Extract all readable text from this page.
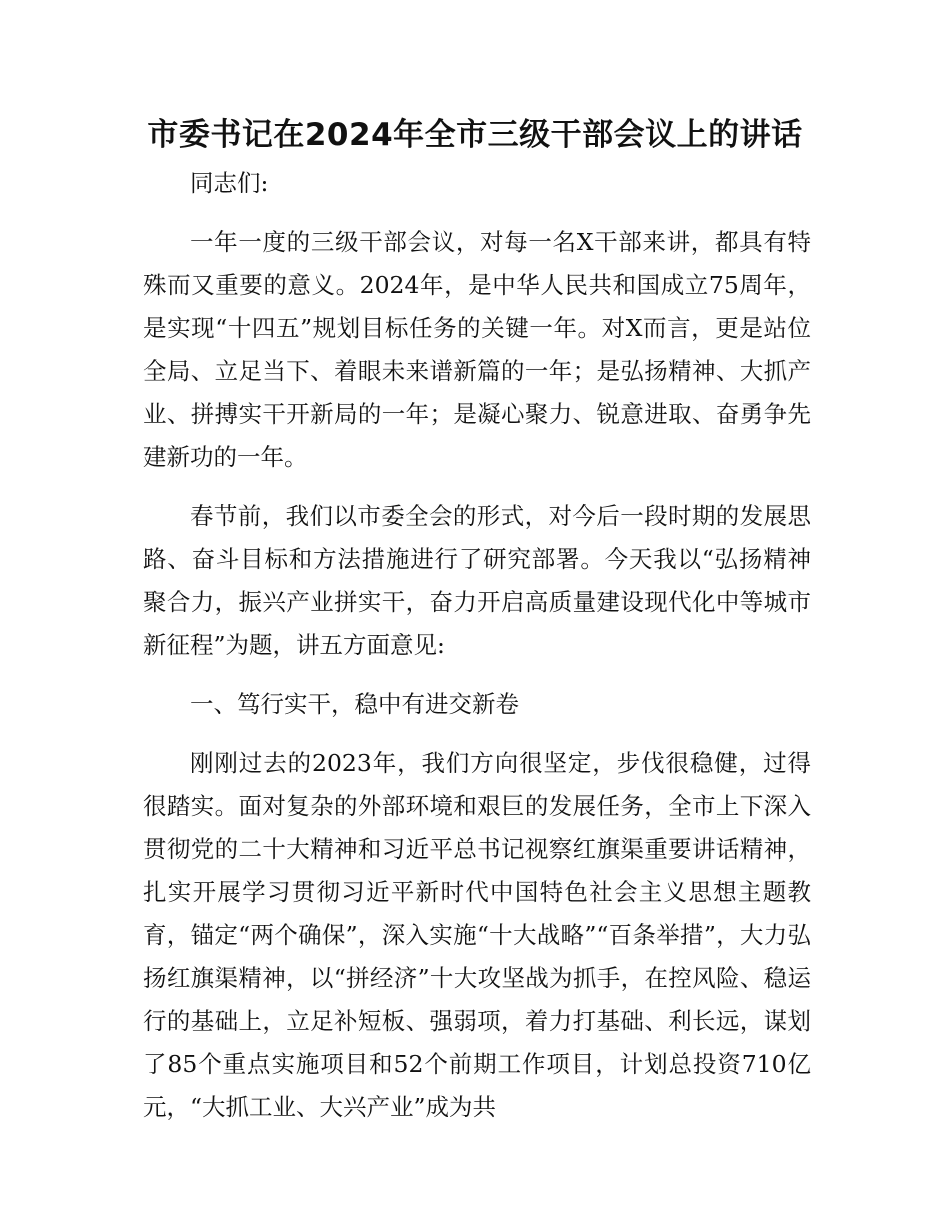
市委书记在2024年全市三级干部会议上的讲话

同志们:

一年一度的三级干部会议，对每一名X干部来讲，都具有特殊而又重要的意义。2024年，是中华人民共和国成立75周年，是实现“十四五”规划目标任务的关键一年。对X而言，更是站位全局、立足当下、着眼未来谱新篇的一年；是弘扬精神、大抓产业、拼搏实干开新局的一年；是凝心聚力、锐意进取、奋勇争先建新功的一年。

春节前，我们以市委全会的形式，对今后一段时期的发展思路、奋斗目标和方法措施进行了研究部署。今天我以“弘扬精神聚合力，振兴产业拼实干，奋力开启高质量建设现代化中等城市新征程”为题，讲五方面意见:

一、笃行实干，稳中有进交新卷

刚刚过去的2023年，我们方向很坚定，步伐很稳健，过得很踏实。面对复杂的外部环境和艰巨的发展任务，全市上下深入贯彻党的二十大精神和习近平总书记视察红旗渠重要讲话精神，扎实开展学习贯彻习近平新时代中国特色社会主义思想主题教育，锚定“两个确保”，深入实施“十大战略”“百条举措”，大力弘扬红旗渠精神，以“拼经济”十大攻坚战为抓手，在控风险、稳运行的基础上，立足补短板、强弱项，着力打基础、利长远，谋划了85个重点实施项目和52个前期工作项目，计划总投资710亿元，“大抓工业、大兴产业”成为共
